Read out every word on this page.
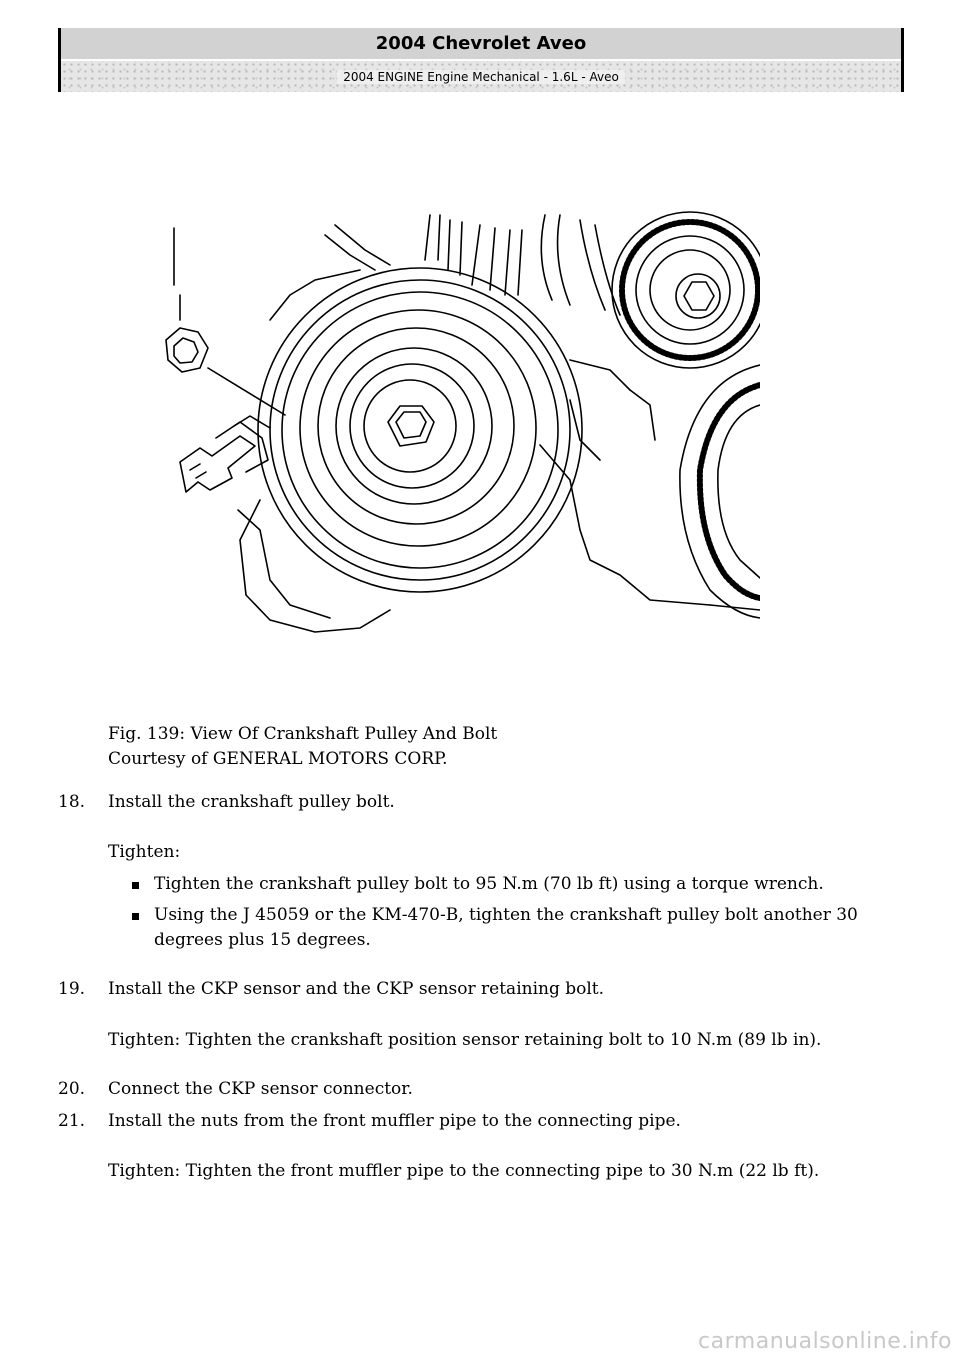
2004 Chevrolet Aveo
2004 ENGINE Engine Mechanical - 1.6L - Aveo
Fig. 139: View Of Crankshaft Pulley And Bolt
Courtesy of GENERAL MOTORS CORP.
18.	Install the crankshaft pulley bolt.
Tighten:
Tighten the crankshaft pulley bolt to 95 N.m (70 lb ft) using a torque wrench.
Using the J 45059 or the KM-470-B, tighten the crankshaft pulley bolt another 30 degrees plus 15 degrees.
19.	Install the CKP sensor and the CKP sensor retaining bolt.
Tighten: Tighten the crankshaft position sensor retaining bolt to 10 N.m (89 lb in).
20.	Connect the CKP sensor connector.
21.	Install the nuts from the front muffler pipe to the connecting pipe.
Tighten: Tighten the front muffler pipe to the connecting pipe to 30 N.m (22 lb ft).
carmanualsonline.info
